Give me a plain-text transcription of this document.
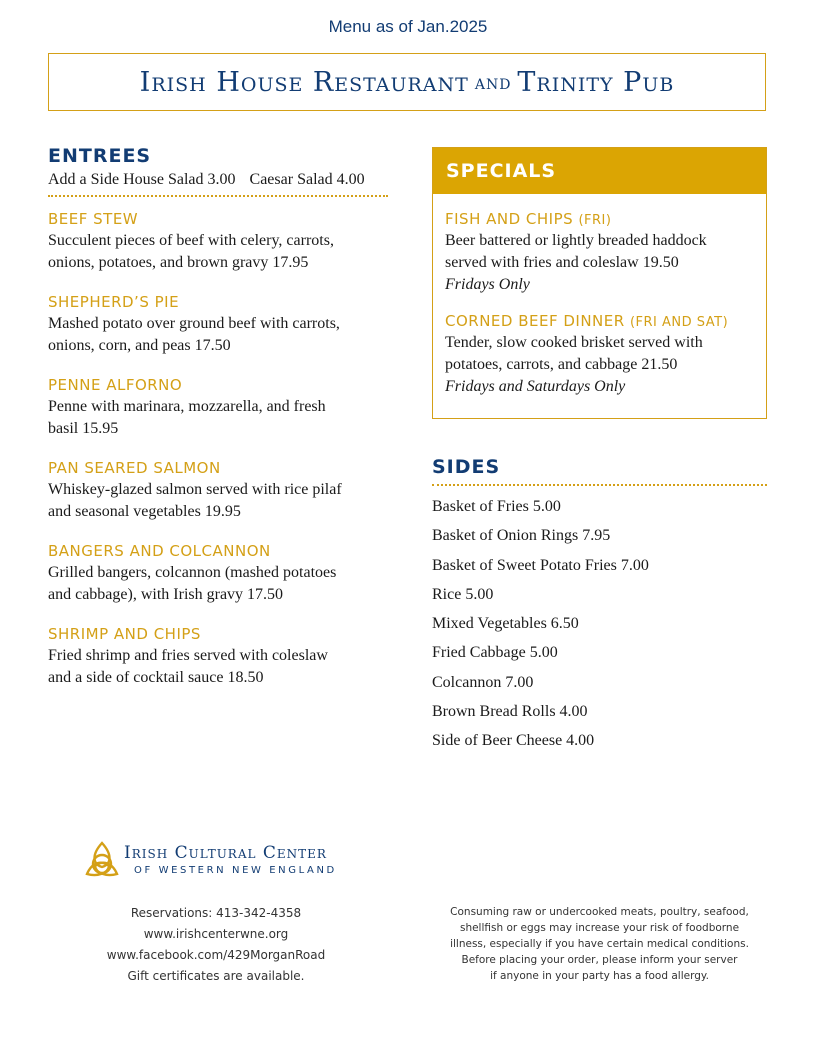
Menu as of Jan.2025
Irish House Restaurant and Trinity Pub
ENTREES

Add a Side House Salad 3.00 Caesar Salad 4.00

BEEF STEW

Succulent pieces of beef with celery, carrots,
onions, potatoes, and brown gravy 17.95

SHEPHERD’S PIE

Mashed potato over ground beef with carrots,
onions, corn, and peas 17.50

PENNE ALFORNO

Penne with marinara, mozzarella, and fresh
basil 15.95

PAN SEARED SALMON

Whiskey-glazed salmon served with rice pilaf
and seasonal vegetables 19.95

BANGERS AND COLCANNON

Grilled bangers, colcannon (mashed potatoes
and cabbage), with Irish gravy 17.50

SHRIMP AND CHIPS

Fried shrimp and fries served with coleslaw
and a side of cocktail sauce 18.50

SPECIALS

FISH AND CHIPS (FRI)

Beer battered or lightly breaded haddock
served with fries and coleslaw 19.50

Fridays Only

CORNED BEEF DINNER (FRI AND SAT)

Tender, slow cooked brisket served with
potatoes, carrots, and cabbage 21.50

Fridays and Saturdays Only

SIDES

Basket of Fries 5.00

Basket of Onion Rings 7.95

Basket of Sweet Potato Fries 7.00

Rice 5.00

Mixed Vegetables 6.50

Fried Cabbage 5.00

Colcannon 7.00

Brown Bread Rolls 4.00

Side of Beer Cheese 4.00

Irish Cultural Center
OF WESTERN NEW ENGLAND
Reservations: 413-342-4358
www.irishcenterwne.org
www.facebook.com/429MorganRoad
Gift certificates are available.
Consuming raw or undercooked meats, poultry, seafood,
shellfish or eggs may increase your risk of foodborne
illness, especially if you have certain medical conditions.
Before placing your order, please inform your server
if anyone in your party has a food allergy.
